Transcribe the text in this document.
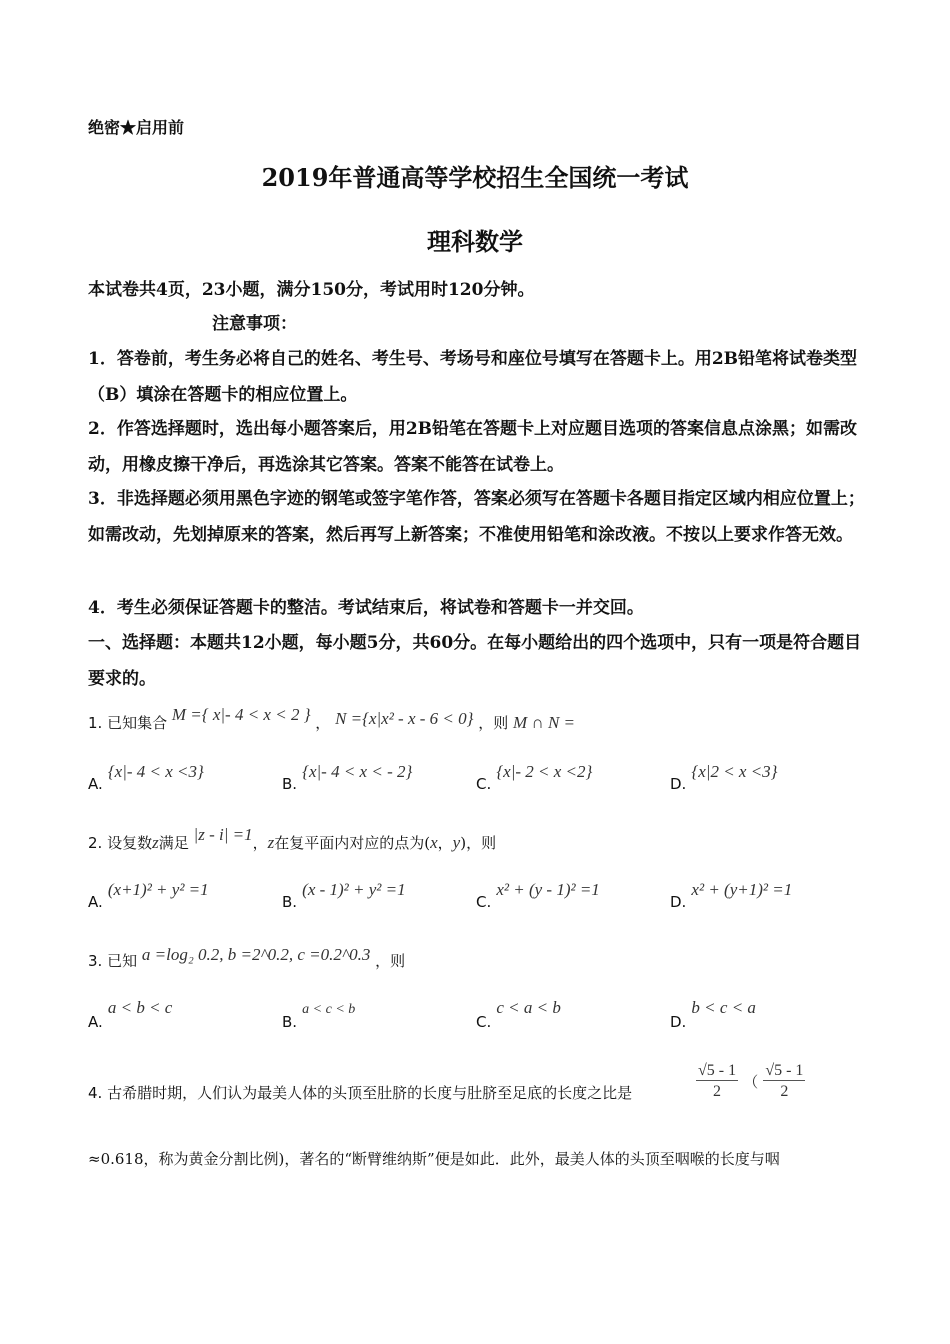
绝密★启用前
2019年普通高等学校招生全国统一考试
理科数学
本试卷共4页，23小题，满分150分，考试用时120分钟。
注意事项：
1．答卷前，考生务必将自己的姓名、考生号、考场号和座位号填写在答题卡上。用2B铅笔将试卷类型（B）填涂在答题卡的相应位置上。
2．作答选择题时，选出每小题答案后，用2B铅笔在答题卡上对应题目选项的答案信息点涂黑；如需改动，用橡皮擦干净后，再选涂其它答案。答案不能答在试卷上。
3．非选择题必须用黑色字迹的钢笔或签字笔作答，答案必须写在答题卡各题目指定区域内相应位置上；如需改动，先划掉原来的答案，然后再写上新答案；不准使用铅笔和涂改液。不按以上要求作答无效。
4．考生必须保证答题卡的整洁。考试结束后，将试卷和答题卡一并交回。
一、选择题：本题共12小题，每小题5分，共60分。在每小题给出的四个选项中，只有一项是符合题目要求的。
1. 已知集合 M ={ x|- 4 < x < 2 } ， N ={x|x² - x - 6 < 0} ，则 M ∩ N =
A. {x|- 4 < x <3}
B. {x|- 4 < x < - 2}
C. {x|- 2 < x <2}
D. {x|2 < x <3}
2. 设复数z满足 |z - i| =1，z在复平面内对应的点为(x，y)，则
A. (x+1)² + y² =1
B. (x - 1)² + y² =1
C. x² + (y - 1)² =1
D. x² + (y+1)² =1
3. 已知 a =log₂ 0.2, b =2^0.2, c =0.2^0.3 ，则
A. a < b < c
B. a < c < b
C. c < a < b
D. b < c < a
4. 古希腊时期，人们认为最美人体的头顶至肚脐的长度与肚脐至足底的长度之比是	$\frac{√5 - 1}{2}$ （ $\frac{√5 - 1}{2}$
≈0.618，称为黄金分割比例)，著名的“断臂维纳斯”便是如此．此外，最美人体的头顶至咽喉的长度与咽
